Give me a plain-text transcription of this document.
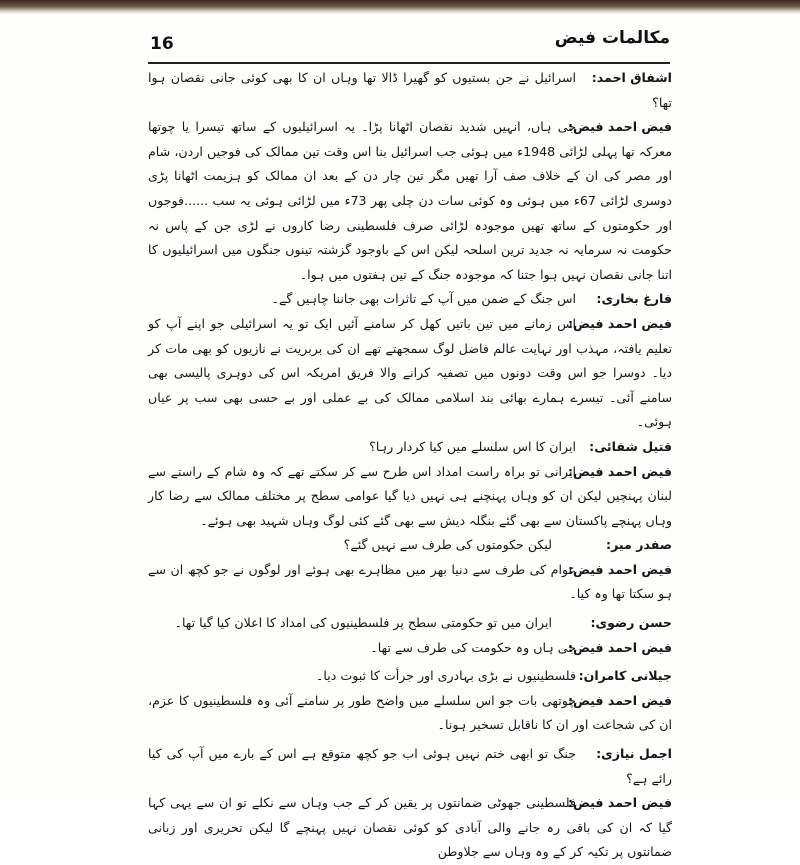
16	مکالمات فیض
اشفاق احمد:
اسرائیل نے جن بستیوں کو گھیرا ڈالا تھا وہاں ان کا بھی کوئی جانی نقصان ہوا تھا؟
فیض احمد فیض:
جی ہاں، انہیں شدید نقصان اٹھانا پڑا۔ یہ اسرائیلیوں کے ساتھ تیسرا یا چوتھا معرکہ تھا پہلی لڑائی 1948ء میں ہوئی جب اسرائیل بنا اس وقت تین ممالک کی فوجیں اردن، شام اور مصر کی ان کے خلاف صف آرا تھیں مگر تین چار دن کے بعد ان ممالک کو ہزیمت اٹھانا پڑی دوسری لڑائی 67ء میں ہوئی وہ کوئی سات دن چلی پھر 73ء میں لڑائی ہوئی یہ سب ......فوجوں اور حکومتوں کے ساتھ تھیں موجودہ لڑائی صرف فلسطینی رضا کاروں نے لڑی جن کے پاس نہ حکومت نہ سرمایہ نہ جدید ترین اسلحہ لیکن اس کے باوجود گزشتہ تینوں جنگوں میں اسرائیلیوں کا اتنا جانی نقصان نہیں ہوا جتنا کہ موجودہ جنگ کے تین ہفتوں میں ہوا۔
فارغ بخاری:
اس جنگ کے ضمن میں آپ کے تاثرات بھی جاننا چاہیں گے۔
فیض احمد فیض:
اس زمانے میں تین باتیں کھل کر سامنے آئیں ایک تو یہ اسرائیلی جو اپنے آپ کو تعلیم یافتہ، مہذب اور نہایت عالم فاضل لوگ سمجھتے تھے ان کی بربریت نے نازیوں کو بھی مات کر دیا۔ دوسرا جو اس وقت دونوں میں تصفیہ کرانے والا فریق امریکہ اس کی دوہری پالیسی بھی سامنے آئی۔ تیسرے ہمارے بھائی بند اسلامی ممالک کی بے عملی اور بے حسی بھی سب پر عیاں ہوئی۔
قتیل شفائی:
ایران کا اس سلسلے میں کیا کردار رہا؟
فیض احمد فیض:
ایرانی تو براہ راست امداد اس طرح سے کر سکتے تھے کہ وہ شام کے راستے سے لبنان پہنچیں لیکن ان کو وہاں پہنچنے ہی نہیں دیا گیا عوامی سطح پر مختلف ممالک سے رضا کار وہاں پہنچے پاکستان سے بھی گئے بنگلہ دیش سے بھی گئے کئی لوگ وہاں شہید بھی ہوئے۔
صفدر میر:
لیکن حکومتوں کی طرف سے نہیں گئے؟
فیض احمد فیض:
عوام کی طرف سے دنیا بھر میں مظاہرے بھی ہوئے اور لوگوں نے جو کچھ ان سے ہو سکتا تھا وہ کیا۔
حسن رضوی:
ایران میں تو حکومتی سطح پر فلسطینیوں کی امداد کا اعلان کیا گیا تھا۔
فیض احمد فیض:
جی ہاں وہ حکومت کی طرف سے تھا۔
جیلانی کامران:
فلسطینیوں نے بڑی بہادری اور جرأت کا ثبوت دیا۔
فیض احمد فیض:
چوتھی بات جو اس سلسلے میں واضح طور پر سامنے آئی وہ فلسطینیوں کا عزم، ان کی شجاعت اور ان کا ناقابل تسخیر ہونا۔
اجمل نیازی:
جنگ تو ابھی ختم نہیں ہوئی اب جو کچھ متوقع ہے اس کے بارے میں آپ کی کیا رائے ہے؟
فیض احمد فیض:
فلسطینی جھوٹی ضمانتوں پر یقین کر کے جب وہاں سے نکلے تو ان سے یہی کہا گیا کہ ان کی باقی رہ جانے والی آبادی کو کوئی نقصان نہیں پہنچے گا لیکن تحریری اور زبانی ضمانتوں پر تکیہ کر کے وہ وہاں سے جلاوطن
